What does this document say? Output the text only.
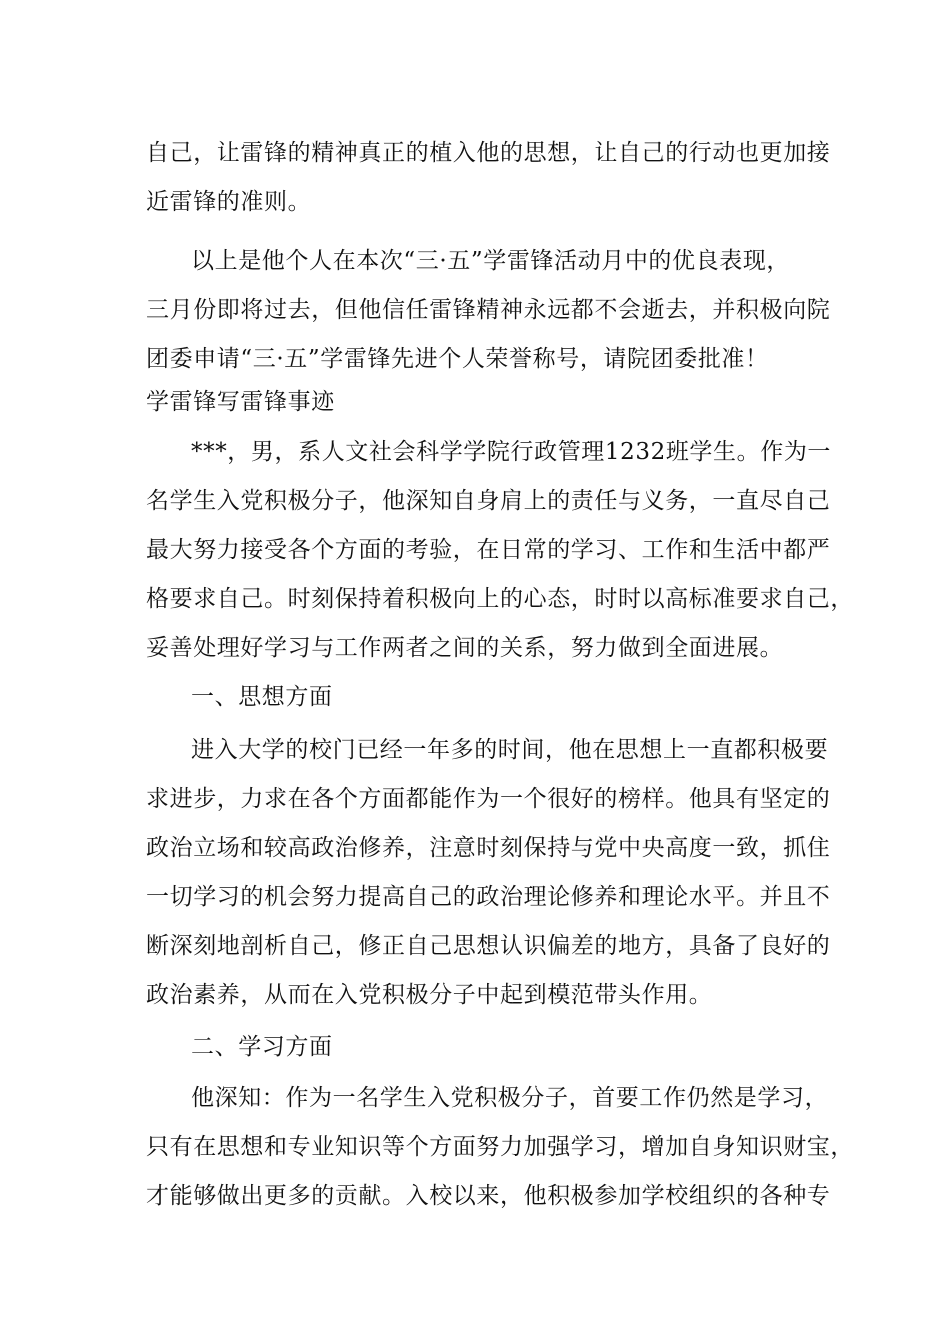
自己，让雷锋的精神真正的植入他的思想，让自己的行动也更加接
近雷锋的准则。
以上是他个人在本次“三·五”学雷锋活动月中的优良表现，
三月份即将过去，但他信任雷锋精神永远都不会逝去，并积极向院
团委申请“三·五”学雷锋先进个人荣誉称号，请院团委批准！
学雷锋写雷锋事迹
***，男，系人文社会科学学院行政管理1232班学生。作为一
名学生入党积极分子，他深知自身肩上的责任与义务，一直尽自己
最大努力接受各个方面的考验，在日常的学习、工作和生活中都严
格要求自己。时刻保持着积极向上的心态，时时以高标准要求自己，
妥善处理好学习与工作两者之间的关系，努力做到全面进展。
一、思想方面
进入大学的校门已经一年多的时间，他在思想上一直都积极要
求进步，力求在各个方面都能作为一个很好的榜样。他具有坚定的
政治立场和较高政治修养，注意时刻保持与党中央高度一致，抓住
一切学习的机会努力提高自己的政治理论修养和理论水平。并且不
断深刻地剖析自己，修正自己思想认识偏差的地方，具备了良好的
政治素养，从而在入党积极分子中起到模范带头作用。
二、学习方面
他深知：作为一名学生入党积极分子，首要工作仍然是学习，
只有在思想和专业知识等个方面努力加强学习，增加自身知识财宝，
才能够做出更多的贡献。入校以来，他积极参加学校组织的各种专
